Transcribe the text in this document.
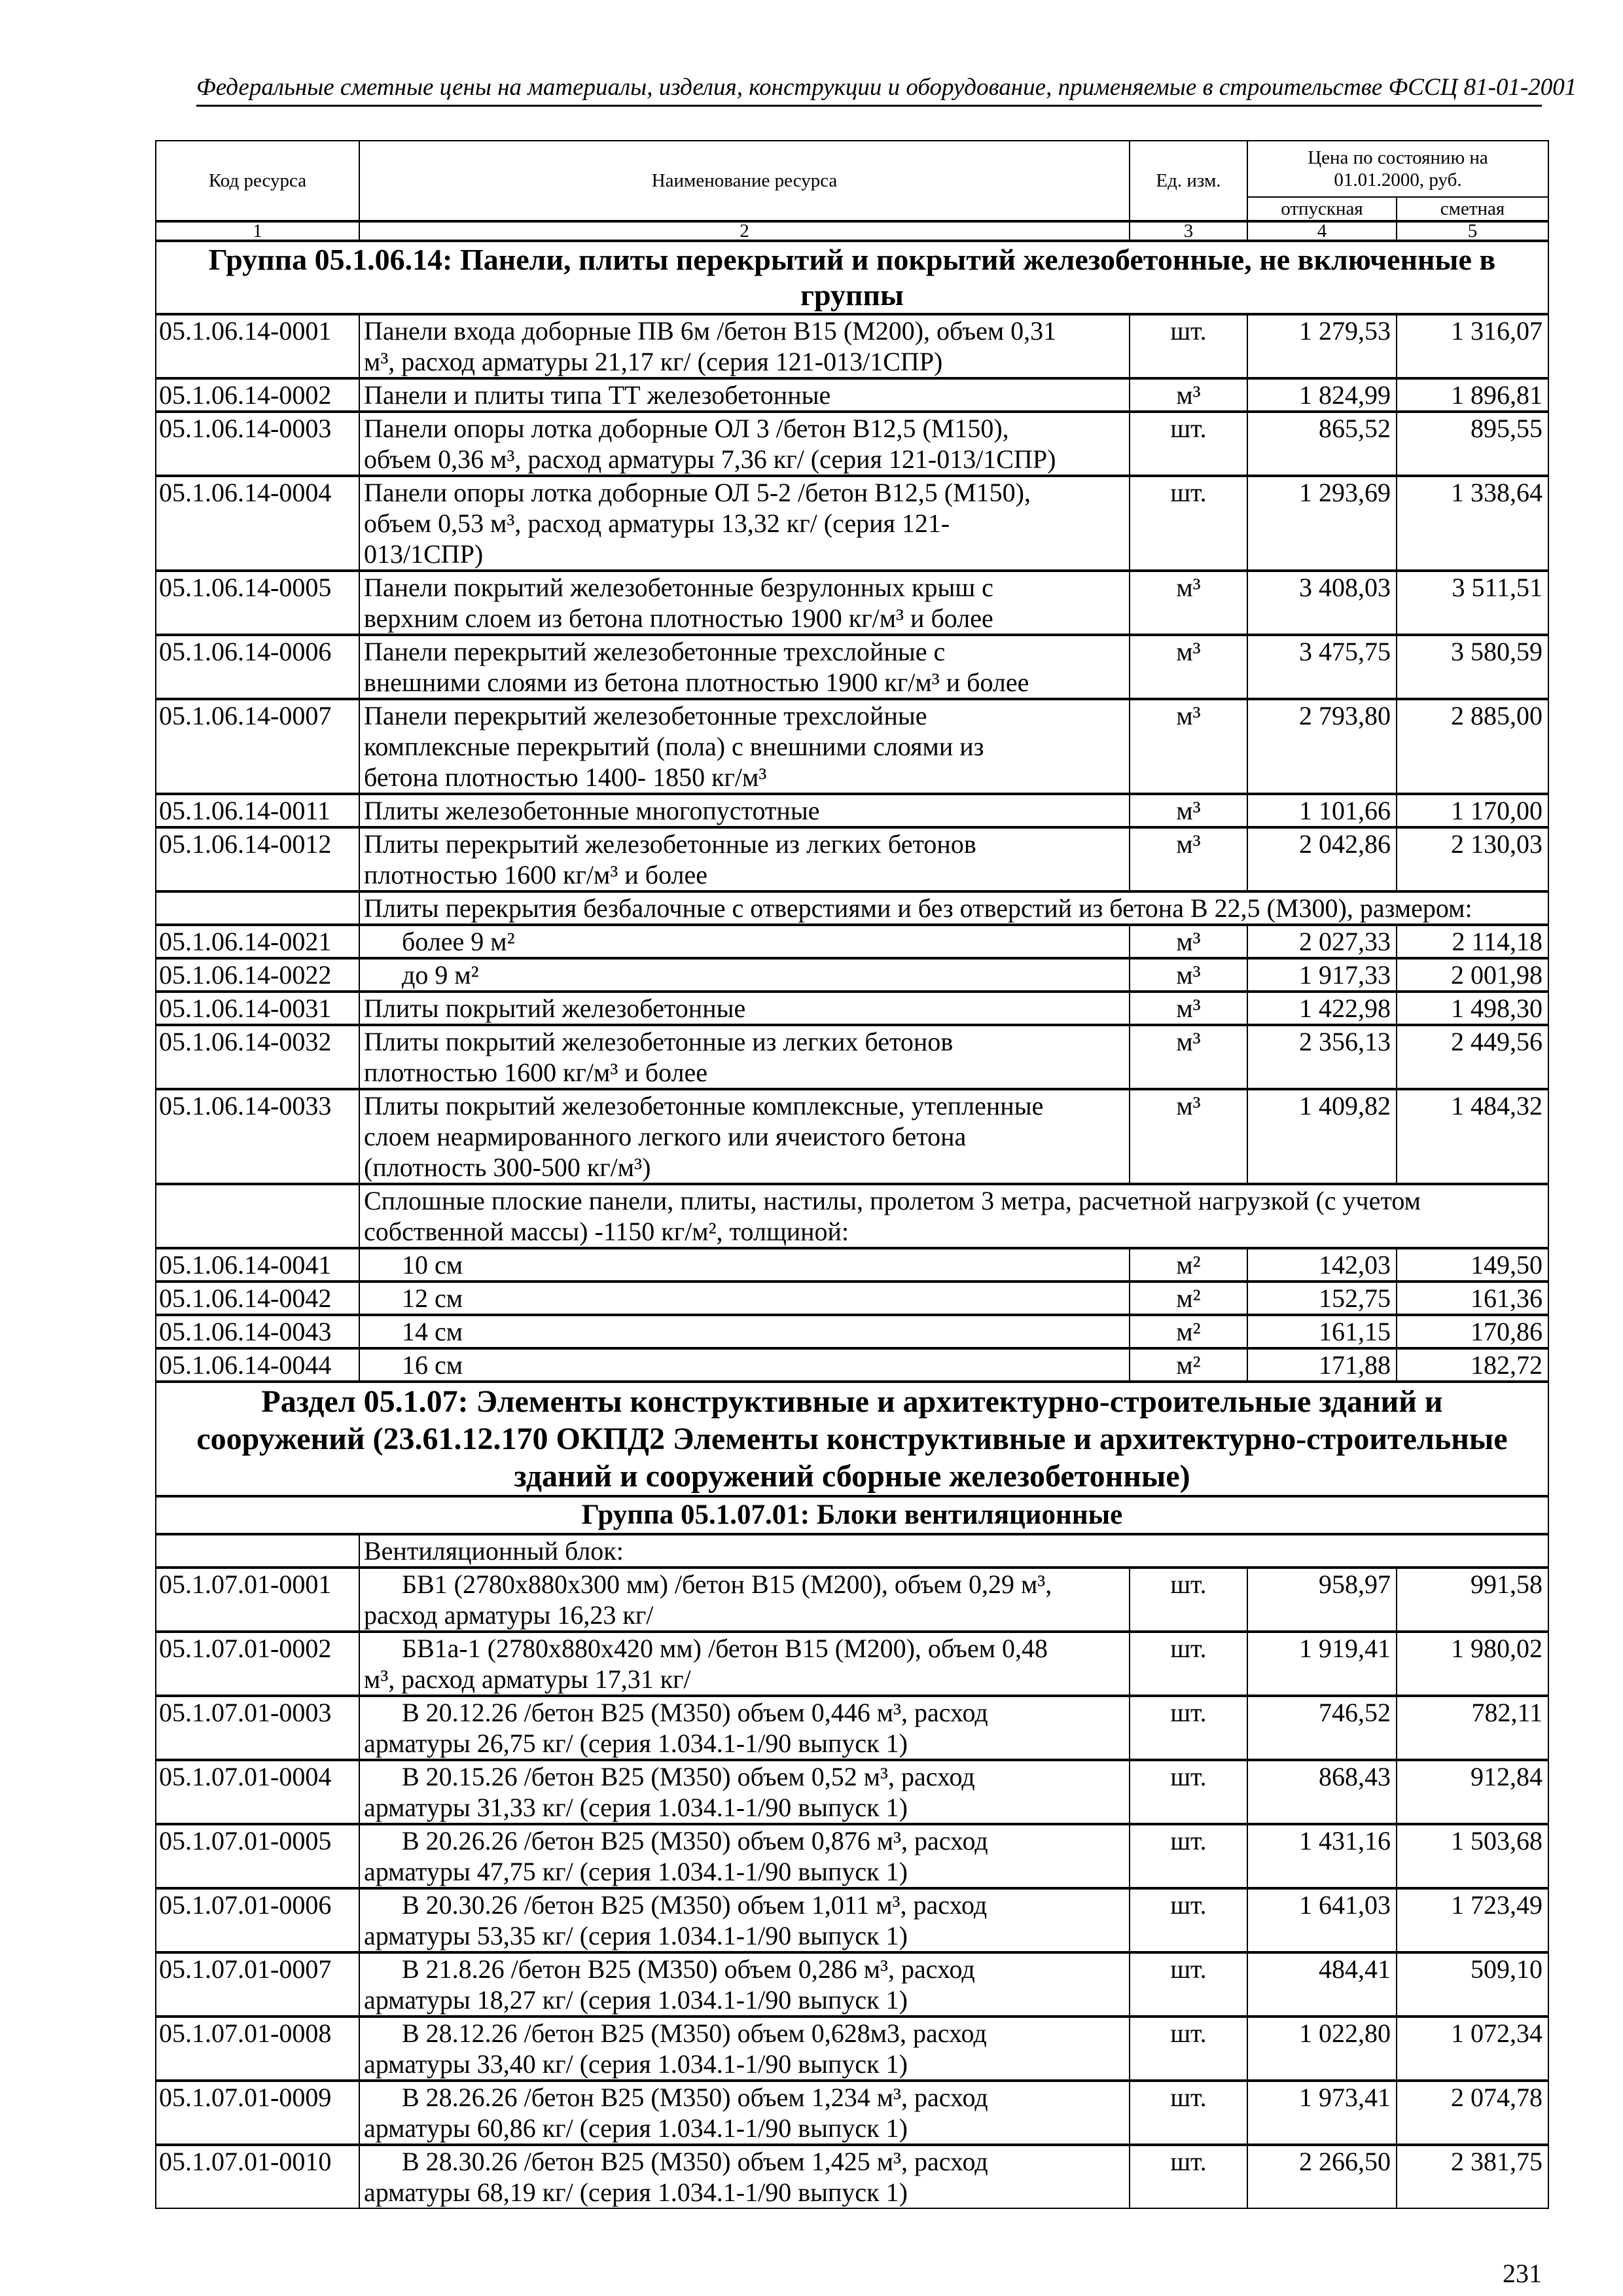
Федеральные сметные цены на материалы, изделия, конструкции и оборудование, применяемые в строительстве ФССЦ 81-01-2001
Код ресурса	Наименование ресурса	Ед. изм.	Цена по состоянию на 01.01.2000, руб.	
			отпускная	сметная
1	2	3	4	5
Группа 05.1.06.14: Панели, плиты перекрытий и покрытий железобетонные, не включенные в
группы				
05.1.06.14-0001	Панели входа доборные ПВ 6м /бетон В15 (М200), объем 0,31
м³, расход арматуры 21,17 кг/ (серия 121-013/1СПР)	шт.	1 279,53	1 316,07
05.1.06.14-0002	Панели и плиты типа ТТ железобетонные	м³	1 824,99	1 896,81
05.1.06.14-0003	Панели опоры лотка доборные ОЛ 3 /бетон В12,5 (М150),
объем 0,36 м³, расход арматуры 7,36 кг/ (серия 121-013/1СПР)	шт.	865,52	895,55
05.1.06.14-0004	Панели опоры лотка доборные ОЛ 5-2 /бетон В12,5 (М150),
объем 0,53 м³, расход арматуры 13,32 кг/ (серия 121-
013/1СПР)	шт.	1 293,69	1 338,64
05.1.06.14-0005	Панели покрытий железобетонные безрулонных крыш с
верхним слоем из бетона плотностью 1900 кг/м³ и более	м³	3 408,03	3 511,51
05.1.06.14-0006	Панели перекрытий железобетонные трехслойные с
внешними слоями из бетона плотностью 1900 кг/м³ и более	м³	3 475,75	3 580,59
05.1.06.14-0007	Панели перекрытий железобетонные трехслойные
комплексные перекрытий (пола) с внешними слоями из
бетона плотностью 1400- 1850 кг/м³	м³	2 793,80	2 885,00
05.1.06.14-0011	Плиты железобетонные многопустотные	м³	1 101,66	1 170,00
05.1.06.14-0012	Плиты перекрытий железобетонные из легких бетонов
плотностью 1600 кг/м³ и более	м³	2 042,86	2 130,03
	Плиты перекрытия безбалочные с отверстиями и без отверстий из бетона В 22,5 (М300), размером:			
05.1.06.14-0021	более 9 м²	м³	2 027,33	2 114,18
05.1.06.14-0022	до 9 м²	м³	1 917,33	2 001,98
05.1.06.14-0031	Плиты покрытий железобетонные	м³	1 422,98	1 498,30
05.1.06.14-0032	Плиты покрытий железобетонные из легких бетонов
плотностью 1600 кг/м³ и более	м³	2 356,13	2 449,56
05.1.06.14-0033	Плиты покрытий железобетонные комплексные, утепленные
слоем неармированного легкого или ячеистого бетона
(плотность 300-500 кг/м³)	м³	1 409,82	1 484,32
	Сплошные плоские панели, плиты, настилы, пролетом 3 метра, расчетной нагрузкой (с учетом
собственной массы) -1150 кг/м², толщиной:			
05.1.06.14-0041	10 см	м²	142,03	149,50
05.1.06.14-0042	12 см	м²	152,75	161,36
05.1.06.14-0043	14 см	м²	161,15	170,86
05.1.06.14-0044	16 см	м²	171,88	182,72
Раздел 05.1.07: Элементы конструктивные и архитектурно-строительные зданий и
сооружений (23.61.12.170 ОКПД2 Элементы конструктивные и архитектурно-строительные
зданий и сооружений сборные железобетонные)				
Группа 05.1.07.01: Блоки вентиляционные				
	Вентиляционный блок:			
05.1.07.01-0001	БВ1 (2780х880х300 мм) /бетон В15 (М200), объем 0,29 м³,
расход арматуры 16,23 кг/	шт.	958,97	991,58
05.1.07.01-0002	БВ1а-1 (2780х880х420 мм) /бетон В15 (М200), объем 0,48
м³, расход арматуры 17,31 кг/	шт.	1 919,41	1 980,02
05.1.07.01-0003	В 20.12.26 /бетон В25 (М350) объем 0,446 м³, расход
арматуры 26,75 кг/ (серия 1.034.1-1/90 выпуск 1)	шт.	746,52	782,11
05.1.07.01-0004	В 20.15.26 /бетон В25 (М350) объем 0,52 м³, расход
арматуры 31,33 кг/ (серия 1.034.1-1/90 выпуск 1)	шт.	868,43	912,84
05.1.07.01-0005	В 20.26.26 /бетон В25 (М350) объем 0,876 м³, расход
арматуры 47,75 кг/ (серия 1.034.1-1/90 выпуск 1)	шт.	1 431,16	1 503,68
05.1.07.01-0006	В 20.30.26 /бетон В25 (М350) объем 1,011 м³, расход
арматуры 53,35 кг/ (серия 1.034.1-1/90 выпуск 1)	шт.	1 641,03	1 723,49
05.1.07.01-0007	В 21.8.26 /бетон В25 (М350) объем 0,286 м³, расход
арматуры 18,27 кг/ (серия 1.034.1-1/90 выпуск 1)	шт.	484,41	509,10
05.1.07.01-0008	В 28.12.26 /бетон В25 (М350) объем 0,628м3, расход
арматуры 33,40 кг/ (серия 1.034.1-1/90 выпуск 1)	шт.	1 022,80	1 072,34
05.1.07.01-0009	В 28.26.26 /бетон В25 (М350) объем 1,234 м³, расход
арматуры 60,86 кг/ (серия 1.034.1-1/90 выпуск 1)	шт.	1 973,41	2 074,78
05.1.07.01-0010	В 28.30.26 /бетон В25 (М350) объем 1,425 м³, расход
арматуры 68,19 кг/ (серия 1.034.1-1/90 выпуск 1)	шт.	2 266,50	2 381,75
231
